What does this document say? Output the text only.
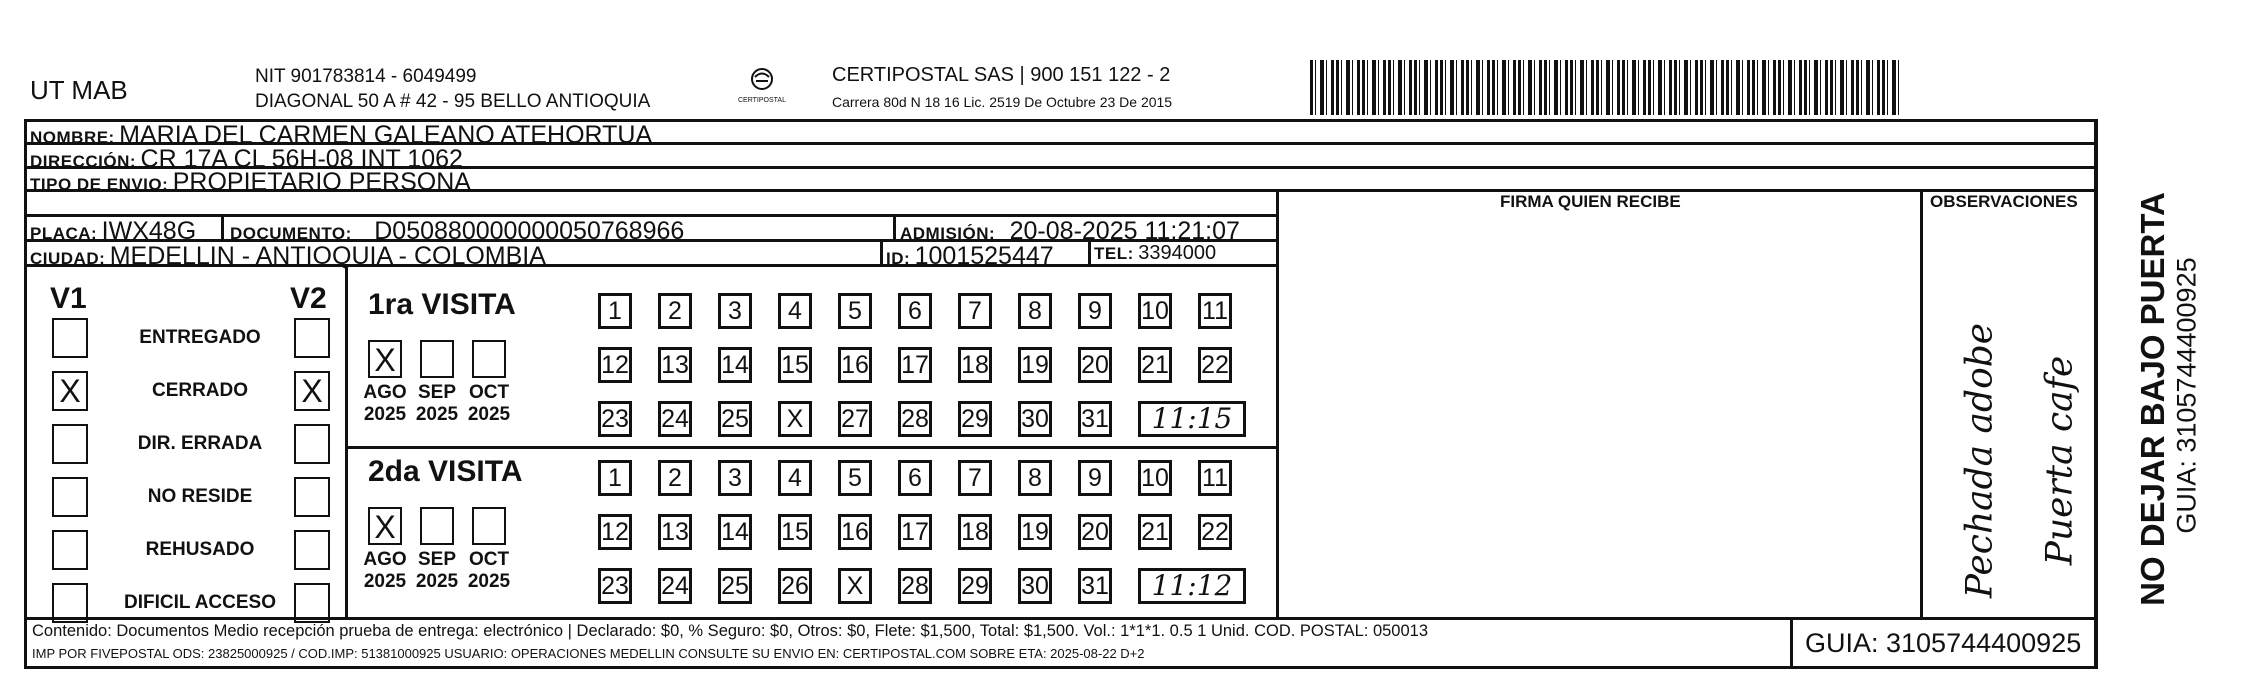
UT MAB	NIT 901783814 - 6049499
DIAGONAL 50 A # 42 - 95 BELLO ANTIOQUIA	CERTIPOSTAL
CERTIPOSTAL SAS | 900 151 122 - 2
Carrera 80d N 18 16 Lic. 2519 De Octubre 23 De 2015
NOMBRE: MARIA DEL CARMEN GALEANO ATEHORTUA
DIRECCIÓN: CR 17A CL 56H-08 INT 1062
TIPO DE ENVIO: PROPIETARIO PERSONA
FIRMA QUIEN RECIBE	OBSERVACIONES
PLACA: IWX48G DOCUMENTO: D050880000000050768966	ADMISIÓN: 20-08-2025 11:21:07
CIUDAD: MEDELLIN - ANTIOQUIA - COLOMBIA	ID: 1001525447 TEL: 3394000
V1	V2
ENTREGADO
X	CERRADO	X
DIR. ERRADA
NO RESIDE
REHUSADO
DIFICIL ACCESO
1ra VISITA
X
AGO
2025
SEP
2025
OCT
2025
1	2	3	4	5	6	7	8	9	10 11
12 13 14 15 16 17 18 19 20 21 22
23 24 25	X	27 28 29 30 31	11:15
2da VISITA
X
AGO
2025
SEP
2025
OCT
2025
1	2	3	4	5	6	7	8	9	10 11
12 13 14 15 16 17 18 19 20 21 22
23 24 25 26	X	28 29 30 31	11:12	Pechada adobe Puerta cafe NO DEJAR BAJO PUERTA GUIA: 3105744400925
Contenido: Documentos Medio recepción prueba de entrega: electrónico | Declarado: $0, % Seguro: $0, Otros: $0, Flete: $1,500, Total: $1,500. Vol.: 1*1*1. 0.5 1 Unid. COD. POSTAL: 050013
IMP POR FIVEPOSTAL ODS: 23825000925 / COD.IMP: 51381000925 USUARIO: OPERACIONES MEDELLIN CONSULTE SU ENVIO EN: CERTIPOSTAL.COM SOBRE ETA: 2025-08-22 D+2	GUIA: 3105744400925
